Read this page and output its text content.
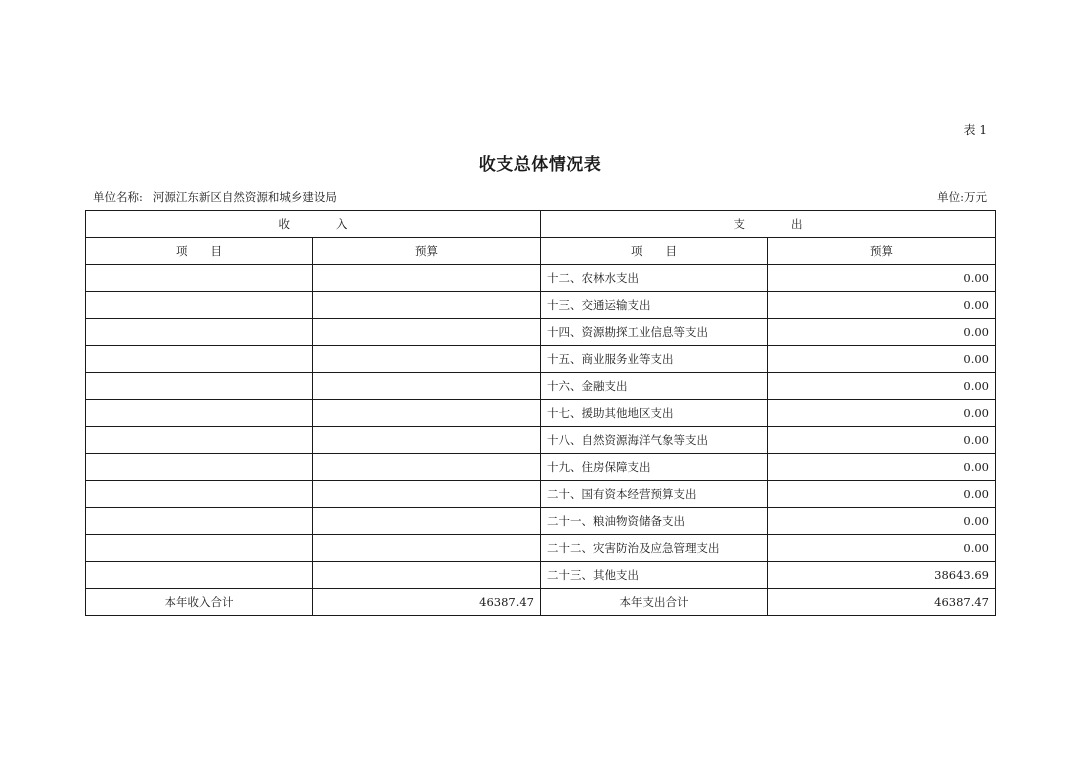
表 1
收支总体情况表
单位名称: 河源江东新区自然资源和城乡建设局	单位:万元
收　　　　入		支　　　　出	
项　　目	预算	项　　目	预算
		十二、农林水支出	0.00
		十三、交通运输支出	0.00
		十四、资源勘探工业信息等支出	0.00
		十五、商业服务业等支出	0.00
		十六、金融支出	0.00
		十七、援助其他地区支出	0.00
		十八、自然资源海洋气象等支出	0.00
		十九、住房保障支出	0.00
		二十、国有资本经营预算支出	0.00
		二十一、粮油物资储备支出	0.00
		二十二、灾害防治及应急管理支出	0.00
		二十三、其他支出	38643.69
本年收入合计	46387.47	本年支出合计	46387.47
